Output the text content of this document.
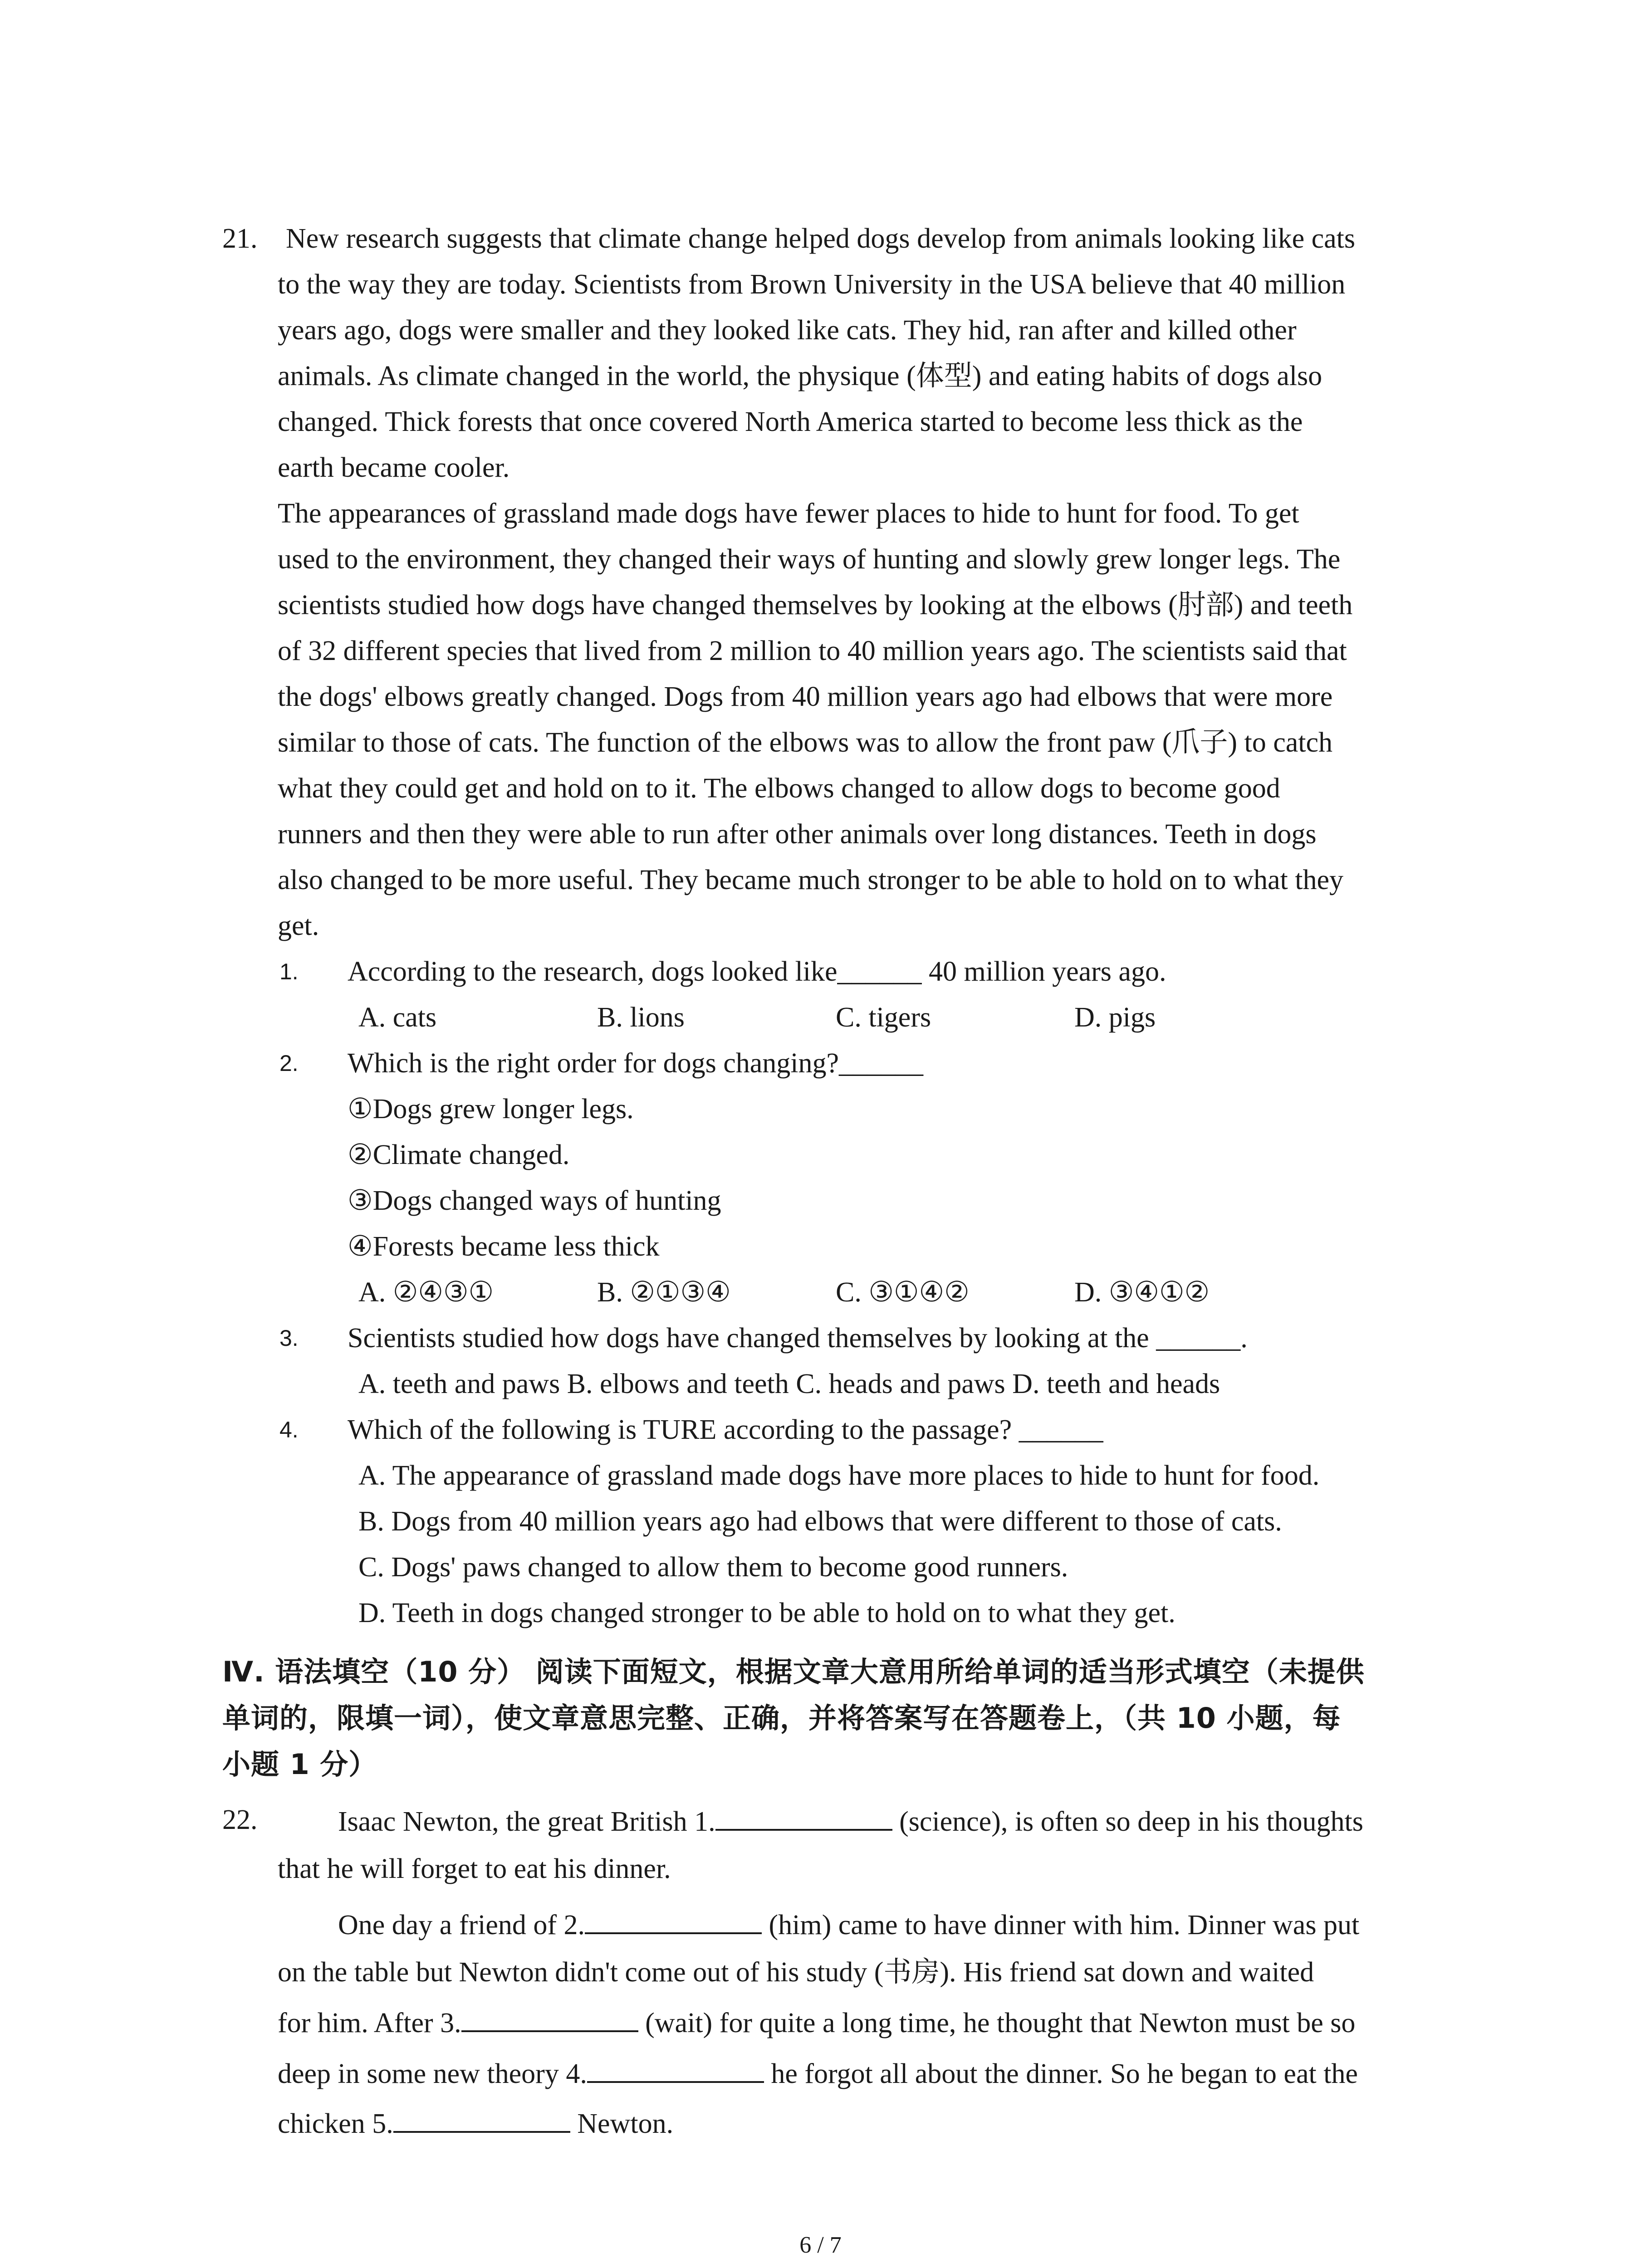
21. New research suggests that climate change helped dogs develop from animals looking like cats
to the way they are today. Scientists from Brown University in the USA believe that 40 million
years ago, dogs were smaller and they looked like cats. They hid, ran after and killed other
animals. As climate changed in the world, the physique (体型) and eating habits of dogs also
changed. Thick forests that once covered North America started to become less thick as the
earth became cooler.
The appearances of grassland made dogs have fewer places to hide to hunt for food. To get
used to the environment, they changed their ways of hunting and slowly grew longer legs. The
scientists studied how dogs have changed themselves by looking at the elbows (肘部) and teeth
of 32 different species that lived from 2 million to 40 million years ago. The scientists said that
the dogs' elbows greatly changed. Dogs from 40 million years ago had elbows that were more
similar to those of cats. The function of the elbows was to allow the front paw (爪子) to catch
what they could get and hold on to it. The elbows changed to allow dogs to become good
runners and then they were able to run after other animals over long distances. Teeth in dogs
also changed to be more useful. They became much stronger to be able to hold on to what they
get.
1. According to the research, dogs looked like______ 40 million years ago.
A. cats	B. lions	C. tigers	D. pigs
2. Which is the right order for dogs changing?______
①Dogs grew longer legs.
②Climate changed.
③Dogs changed ways of hunting
④Forests became less thick
A. ②④③①	B. ②①③④	C. ③①④②	D. ③④①②
3. Scientists studied how dogs have changed themselves by looking at the ______.
A. teeth and paws B. elbows and teeth C. heads and paws D. teeth and heads
4. Which of the following is TURE according to the passage? ______
A. The appearance of grassland made dogs have more places to hide to hunt for food.
B. Dogs from 40 million years ago had elbows that were different to those of cats.
C. Dogs' paws changed to allow them to become good runners.
D. Teeth in dogs changed stronger to be able to hold on to what they get.
Ⅳ. 语法填空（10 分） 阅读下面短文，根据文章大意用所给单词的适当形式填空（未提供
单词的，限填一词），使文章意思完整、正确，并将答案写在答题卷上，（共 10 小题，每
小题 1 分）
22.	Isaac Newton, the great British 1.	(science), is often so deep in his thoughts
that he will forget to eat his dinner.
One day a friend of 2.	(him) came to have dinner with him. Dinner was put
on the table but Newton didn't come out of his study (书房). His friend sat down and waited
for him. After 3.	(wait) for quite a long time, he thought that Newton must be so
deep in some new theory 4.	he forgot all about the dinner. So he began to eat the
chicken 5.	Newton.
6 / 7
